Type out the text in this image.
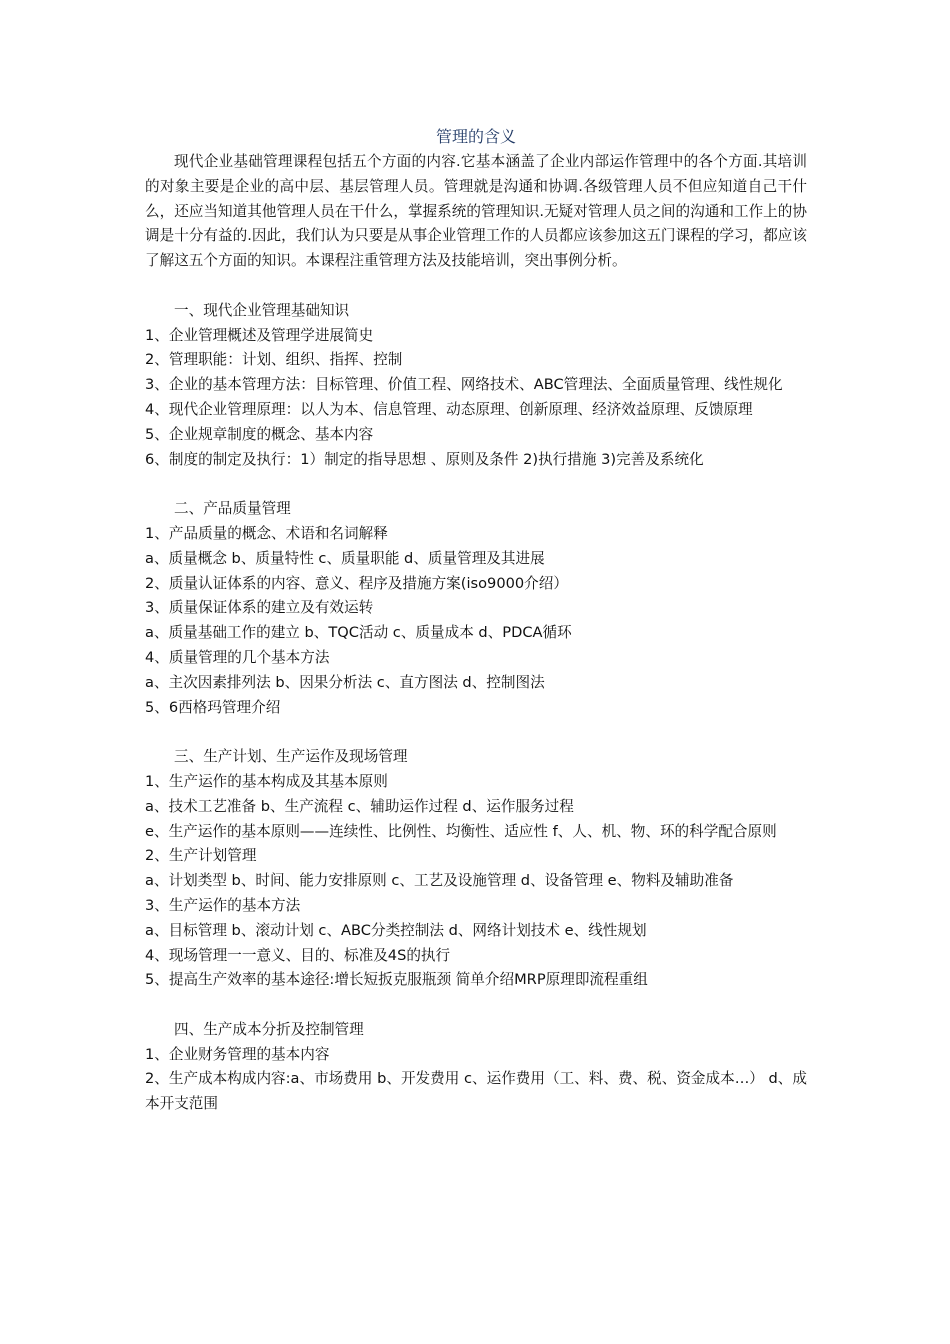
管理的含义

现代企业基础管理课程包括五个方面的内容.它基本涵盖了企业内部运作管理中的各个方面.其培训的对象主要是企业的高中层、基层管理人员。管理就是沟通和协调.各级管理人员不但应知道自己干什么，还应当知道其他管理人员在干什么，掌握系统的管理知识.无疑对管理人员之间的沟通和工作上的协调是十分有益的.因此，我们认为只要是从事企业管理工作的人员都应该参加这五门课程的学习，都应该了解这五个方面的知识。本课程注重管理方法及技能培训，突出事例分析。

一、现代企业管理基础知识

1、企业管理概述及管理学进展简史

2、管理职能：计划、组织、指挥、控制

3、企业的基本管理方法：目标管理、价值工程、网络技术、ABC管理法、全面质量管理、线性规化

4、现代企业管理原理：以人为本、信息管理、动态原理、创新原理、经济效益原理、反馈原理

5、企业规章制度的概念、基本内容

6、制度的制定及执行：1）制定的指导思想 、原则及条件 2)执行措施 3)完善及系统化

二、产品质量管理

1、产品质量的概念、术语和名词解释

a、质量概念 b、质量特性 c、质量职能 d、质量管理及其进展

2、质量认证体系的内容、意义、程序及措施方案(iso9000介绍）

3、质量保证体系的建立及有效运转

a、质量基础工作的建立 b、TQC活动 c、质量成本 d、PDCA循环

4、质量管理的几个基本方法

a、主次因素排列法 b、因果分析法 c、直方图法 d、控制图法

5、6西格玛管理介绍

三、生产计划、生产运作及现场管理

1、生产运作的基本构成及其基本原则

a、技术工艺准备 b、生产流程 c、辅助运作过程 d、运作服务过程

e、生产运作的基本原则——连续性、比例性、均衡性、适应性 f、人、机、物、环的科学配合原则

2、生产计划管理

a、计划类型 b、时间、能力安排原则 c、工艺及设施管理 d、设备管理 e、物料及辅助准备

3、生产运作的基本方法

a、目标管理 b、滚动计划 c、ABC分类控制法 d、网络计划技术 e、线性规划

4、现场管理一一意义、目的、标准及4S的执行

5、提高生产效率的基本途径:增长短扳克服瓶颈 简单介绍MRP原理即流程重组

四、生产成本分折及控制管理

1、企业财务管理的基本内容

2、生产成本构成内容:a、市场费用 b、开发费用 c、运作费用（工、料、费、税、资金成本…） d、成本开支范围
